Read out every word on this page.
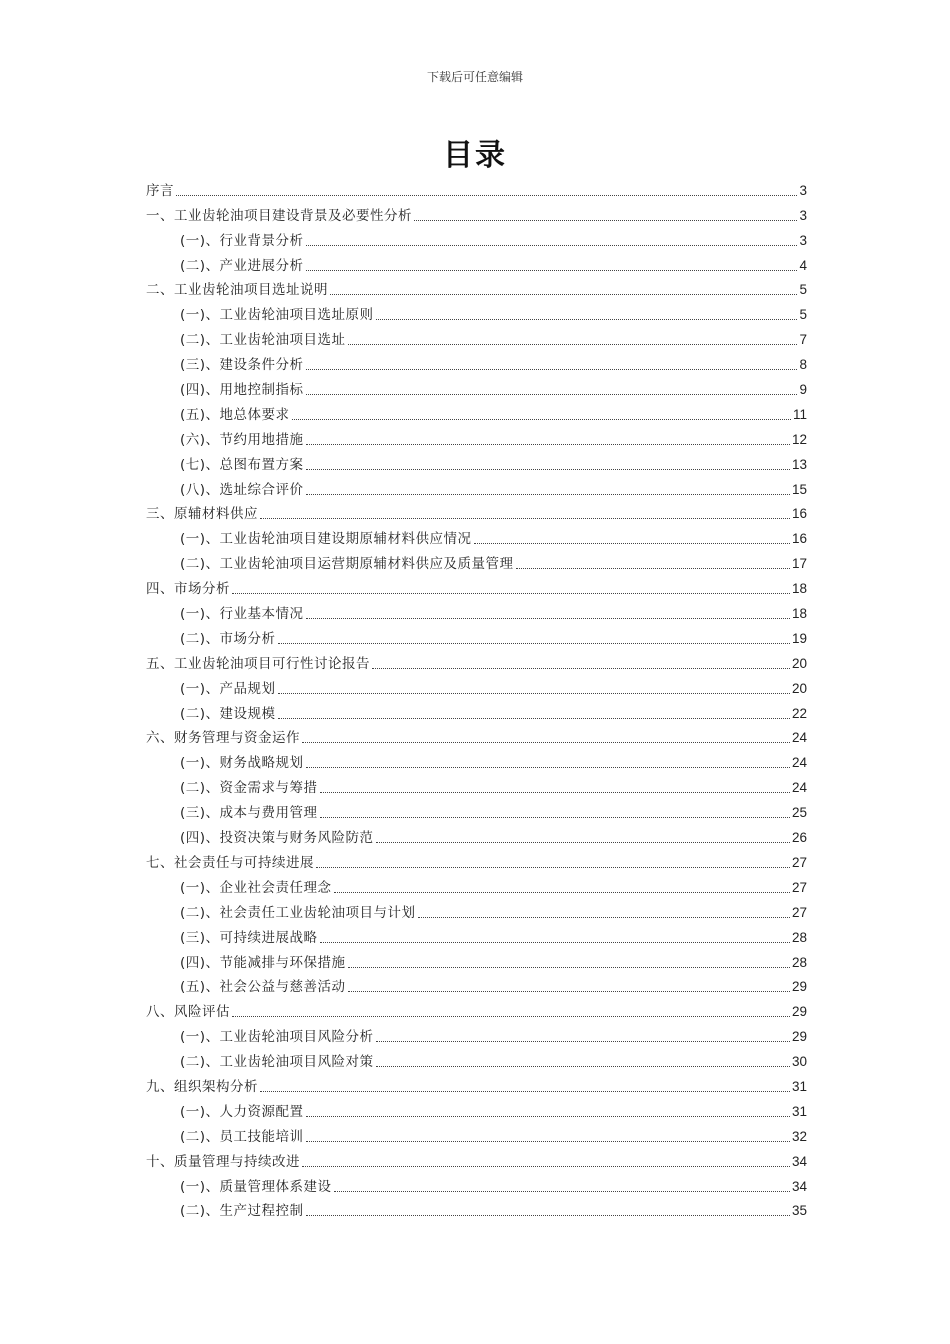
下载后可任意编辑
目录
序言	3
一、工业齿轮油项目建设背景及必要性分析	3
(一)、行业背景分析	3
(二)、产业进展分析	4
二、工业齿轮油项目选址说明	5
(一)、工业齿轮油项目选址原则	5
(二)、工业齿轮油项目选址	7
(三)、建设条件分析	8
(四)、用地控制指标	9
(五)、地总体要求	11
(六)、节约用地措施	12
(七)、总图布置方案	13
(八)、选址综合评价	15
三、原辅材料供应	16
(一)、工业齿轮油项目建设期原辅材料供应情况	16
(二)、工业齿轮油项目运营期原辅材料供应及质量管理	17
四、市场分析	18
(一)、行业基本情况	18
(二)、市场分析	19
五、工业齿轮油项目可行性讨论报告	20
(一)、产品规划	20
(二)、建设规模	22
六、财务管理与资金运作	24
(一)、财务战略规划	24
(二)、资金需求与筹措	24
(三)、成本与费用管理	25
(四)、投资决策与财务风险防范	26
七、社会责任与可持续进展	27
(一)、企业社会责任理念	27
(二)、社会责任工业齿轮油项目与计划	27
(三)、可持续进展战略	28
(四)、节能减排与环保措施	28
(五)、社会公益与慈善活动	29
八、风险评估	29
(一)、工业齿轮油项目风险分析	29
(二)、工业齿轮油项目风险对策	30
九、组织架构分析	31
(一)、人力资源配置	31
(二)、员工技能培训	32
十、质量管理与持续改进	34
(一)、质量管理体系建设	34
(二)、生产过程控制	35
